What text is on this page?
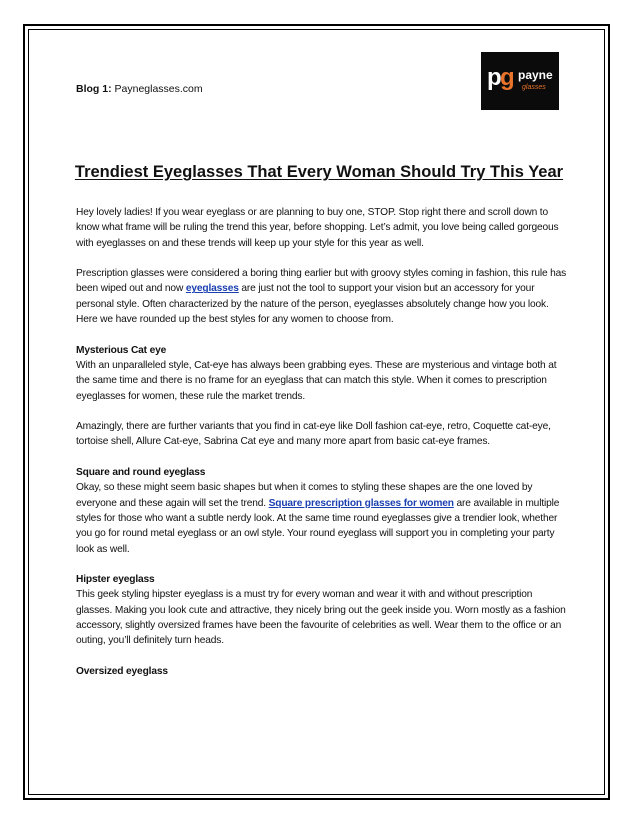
Blog 1: Payneglasses.com	p
g payne
glasses
Trendiest Eyeglasses That Every Woman Should Try This Year

Hey lovely ladies! If you wear eyeglass or are planning to buy one, STOP. Stop right there and scroll down to know what frame will be ruling the trend this year, before shopping. Let’s admit, you love being called gorgeous with eyeglasses on and these trends will keep up your style for this year as well.

Prescription glasses were considered a boring thing earlier but with groovy styles coming in fashion, this rule has been wiped out and now eyeglasses are just not the tool to support your vision but an accessory for your personal style. Often characterized by the nature of the person, eyeglasses absolutely change how you look. Here we have rounded up the best styles for any women to choose from.

Mysterious Cat eye
With an unparalleled style, Cat-eye has always been grabbing eyes. These are mysterious and vintage both at the same time and there is no frame for an eyeglass that can match this style. When it comes to prescription eyeglasses for women, these rule the market trends.

Amazingly, there are further variants that you find in cat-eye like Doll fashion cat-eye, retro, Coquette cat-eye, tortoise shell, Allure Cat-eye, Sabrina Cat eye and many more apart from basic cat-eye frames.

Square and round eyeglass
Okay, so these might seem basic shapes but when it comes to styling these shapes are the one loved by everyone and these again will set the trend. Square prescription glasses for women are available in multiple styles for those who want a subtle nerdy look. At the same time round eyeglasses give a trendier look, whether you go for round metal eyeglass or an owl style. Your round eyeglass will support you in completing your party look as well.

Hipster eyeglass
This geek styling hipster eyeglass is a must try for every woman and wear it with and without prescription glasses. Making you look cute and attractive, they nicely bring out the geek inside you. Worn mostly as a fashion accessory, slightly oversized frames have been the favourite of celebrities as well. Wear them to the office or an outing, you’ll definitely turn heads.

Oversized eyeglass
